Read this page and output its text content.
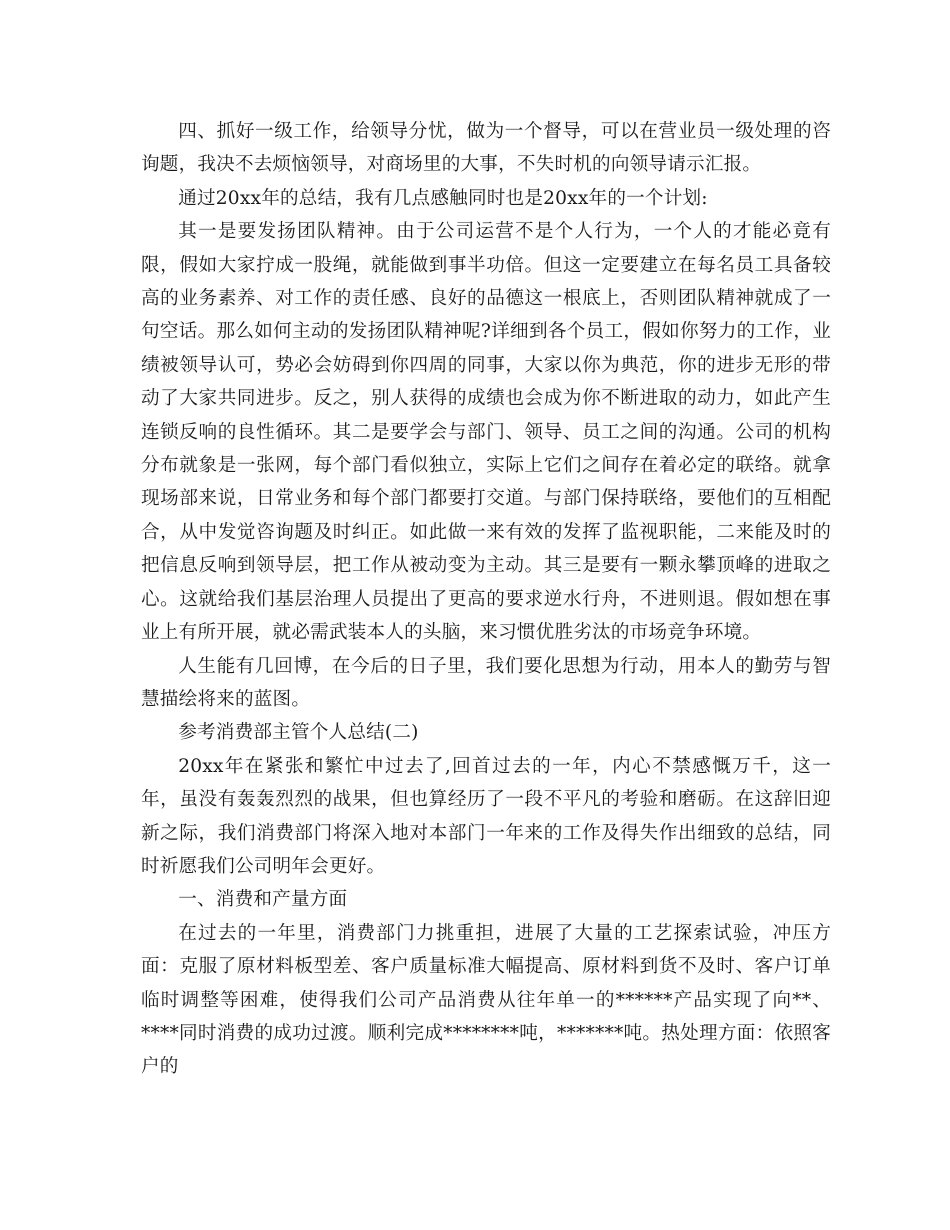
四、抓好一级工作，给领导分忧，做为一个督导，可以在营业员一级处理的咨询题，我决不去烦恼领导，对商场里的大事，不失时机的向领导请示汇报。

通过20xx年的总结，我有几点感触同时也是20xx年的一个计划:

其一是要发扬团队精神。由于公司运营不是个人行为，一个人的才能必竟有限，假如大家拧成一股绳，就能做到事半功倍。但这一定要建立在每名员工具备较高的业务素养、对工作的责任感、良好的品德这一根底上，否则团队精神就成了一句空话。那么如何主动的发扬团队精神呢?详细到各个员工，假如你努力的工作，业绩被领导认可，势必会妨碍到你四周的同事，大家以你为典范，你的进步无形的带动了大家共同进步。反之，别人获得的成绩也会成为你不断进取的动力，如此产生连锁反响的良性循环。其二是要学会与部门、领导、员工之间的沟通。公司的机构分布就象是一张网，每个部门看似独立，实际上它们之间存在着必定的联络。就拿现场部来说，日常业务和每个部门都要打交道。与部门保持联络，要他们的互相配合，从中发觉咨询题及时纠正。如此做一来有效的发挥了监视职能，二来能及时的把信息反响到领导层，把工作从被动变为主动。其三是要有一颗永攀顶峰的进取之心。这就给我们基层治理人员提出了更高的要求逆水行舟，不进则退。假如想在事业上有所开展，就必需武装本人的头脑，来习惯优胜劣汰的市场竞争环境。

人生能有几回博，在今后的日子里，我们要化思想为行动，用本人的勤劳与智慧描绘将来的蓝图。

参考消费部主管个人总结(二)

20xx年在紧张和繁忙中过去了,回首过去的一年，内心不禁感慨万千，这一年，虽没有轰轰烈烈的战果，但也算经历了一段不平凡的考验和磨砺。在这辞旧迎新之际，我们消费部门将深入地对本部门一年来的工作及得失作出细致的总结，同时祈愿我们公司明年会更好。

一、消费和产量方面

在过去的一年里，消费部门力挑重担，进展了大量的工艺探索试验，冲压方面：克服了原材料板型差、客户质量标准大幅提高、原材料到货不及时、客户订单临时调整等困难，使得我们公司产品消费从往年单一的******产品实现了向**、****同时消费的成功过渡。顺利完成********吨，*******吨。热处理方面：依照客户的
